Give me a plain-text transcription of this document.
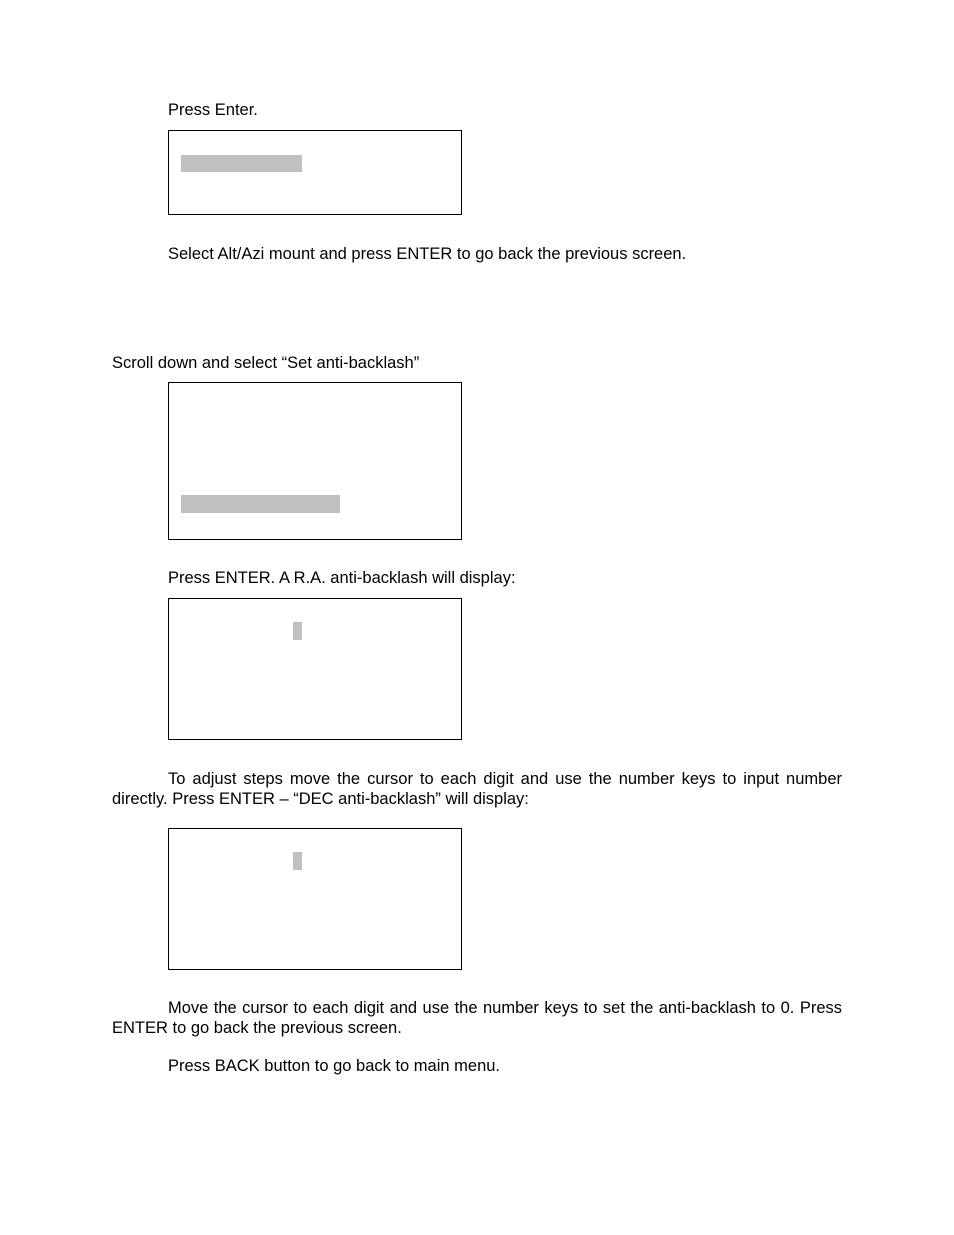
Press Enter.
Select Alt/Azi mount and press ENTER to go back the previous screen.
Scroll down and select “Set anti-backlash”
Press ENTER. A R.A. anti-backlash will display:
To adjust steps move the cursor to each digit and use the number keys to input number directly. Press ENTER – “DEC anti-backlash” will display:
Move the cursor to each digit and use the number keys to set the anti-backlash to 0. Press ENTER to go back the previous screen.
Press BACK button to go back to main menu.
